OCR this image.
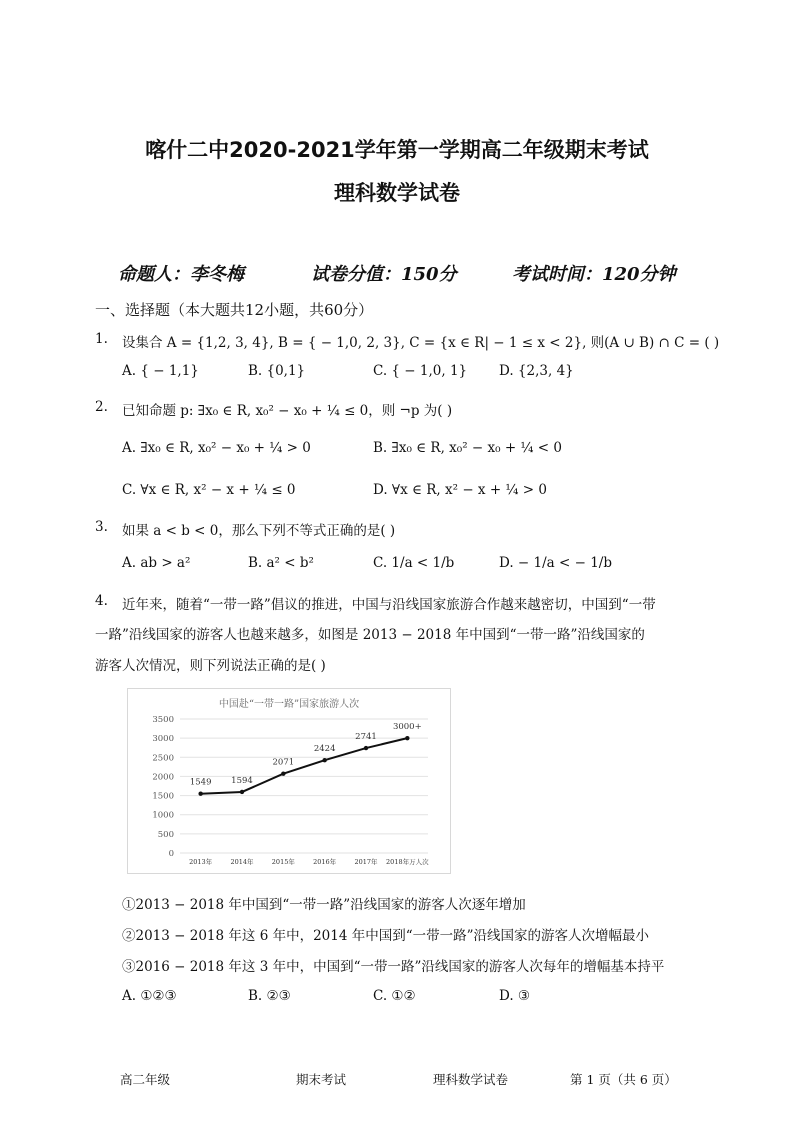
喀什二中2020-2021学年第一学期高二年级期末考试
理科数学试卷
命题人：李冬梅	试卷分值：150分	考试时间：120分钟
一、选择题（本大题共12小题，共60分）
1. 设集合 A = {1,2, 3, 4}, B = { − 1,0, 2, 3}, C = {x ∈ R| − 1 ≤ x < 2}, 则(A ∪ B) ∩ C = ( )
A. { − 1,1}	B. {0,1}	C. { − 1,0, 1} D. {2,3, 4}
2. 已知命题 p: ∃x₀ ∈ R, x₀² − x₀ + ¼ ≤ 0，则 ¬p 为( )
A. ∃x₀ ∈ R, x₀² − x₀ + ¼ > 0	B. ∃x₀ ∈ R, x₀² − x₀ + ¼ < 0
C. ∀x ∈ R, x² − x + ¼ ≤ 0	D. ∀x ∈ R, x² − x + ¼ > 0
3. 如果 a < b < 0，那么下列不等式正确的是( )
A. ab > a²	B. a² < b²	C. 1/a < 1/b	D. − 1/a < − 1/b
4. 近年来，随着“一带一路”倡议的推进，中国与沿线国家旅游合作越来越密切，中国到“一带
一路”沿线国家的游客人也越来越多，如图是 2013 − 2018 年中国到“一带一路”沿线国家的
游客人次情况，则下列说法正确的是( )
中国赴“一带一路”国家旅游人次
0
500
1000
1500
2000
2500
3000
3500
2013年	2014年	2015年	2016年	2017年 2018年万人次
1549 1594
2071
2424
2741
3000+
①2013 − 2018 年中国到“一带一路”沿线国家的游客人次逐年增加
②2013 − 2018 年这 6 年中，2014 年中国到“一带一路”沿线国家的游客人次增幅最小
③2016 − 2018 年这 3 年中，中国到“一带一路”沿线国家的游客人次每年的增幅基本持平
A. ①②③	B. ②③	C. ①②	D. ③
高二年级	期末考试	理科数学试卷	第 1 页（共 6 页）
